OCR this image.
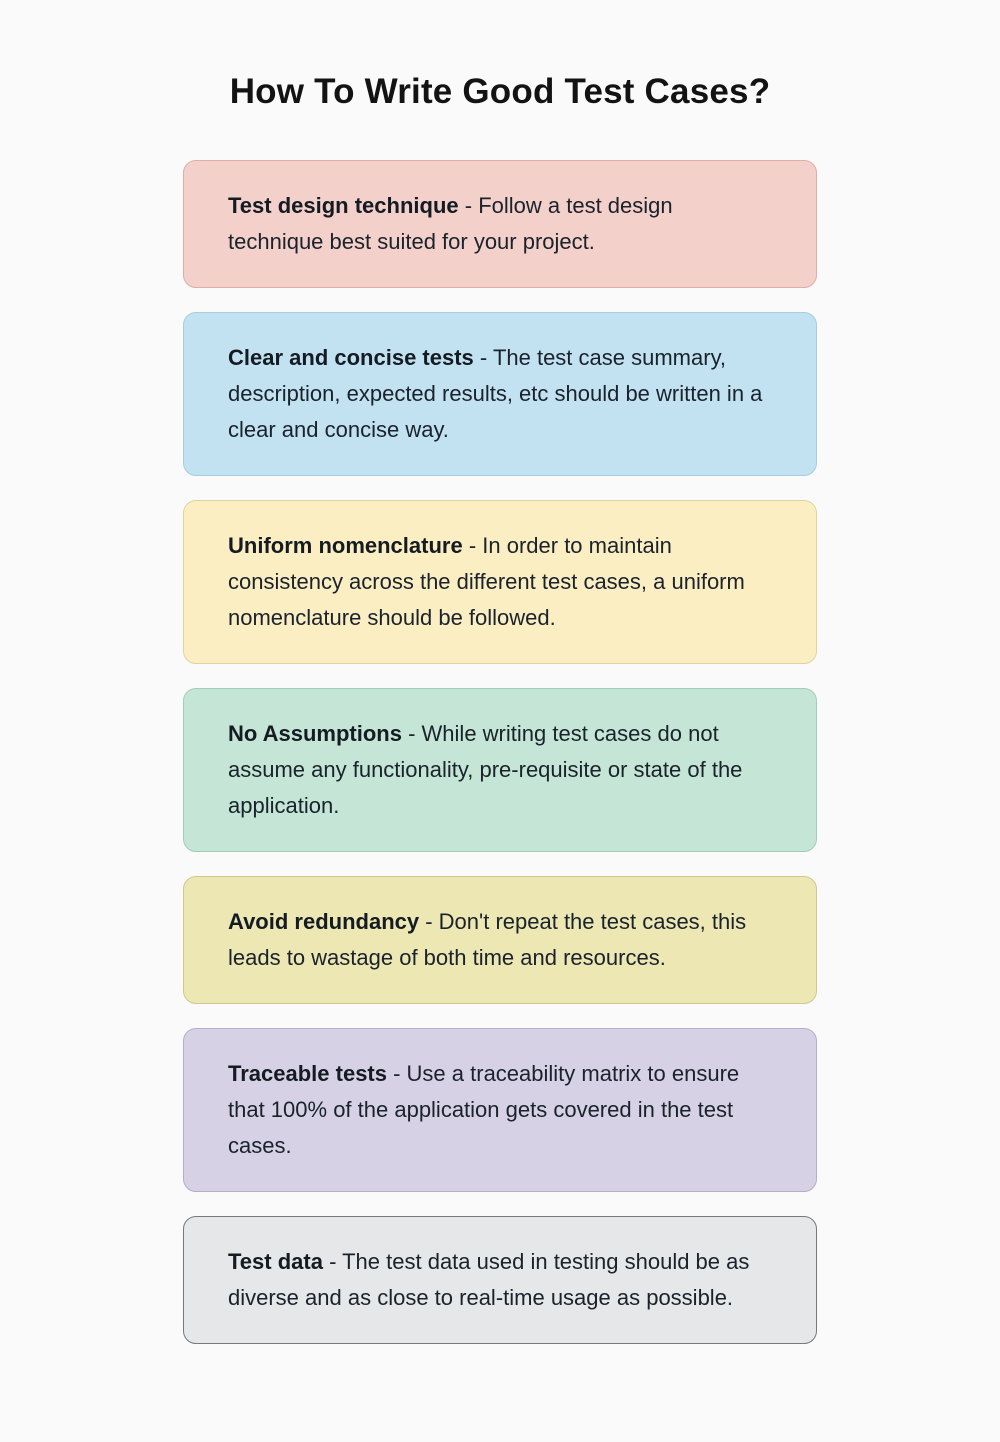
How To Write Good Test Cases?
Test design technique - Follow a test design technique best suited for your project.
Clear and concise tests - The test case summary, description, expected results, etc should be written in a clear and concise way.
Uniform nomenclature - In order to maintain consistency across the different test cases, a uniform nomenclature should be followed.
No Assumptions - While writing test cases do not assume any functionality, pre-requisite or state of the application.
Avoid redundancy - Don't repeat the test cases, this leads to wastage of both time and resources.
Traceable tests - Use a traceability matrix to ensure that 100% of the application gets covered in the test cases.
Test data - The test data used in testing should be as diverse and as close to real-time usage as possible.
